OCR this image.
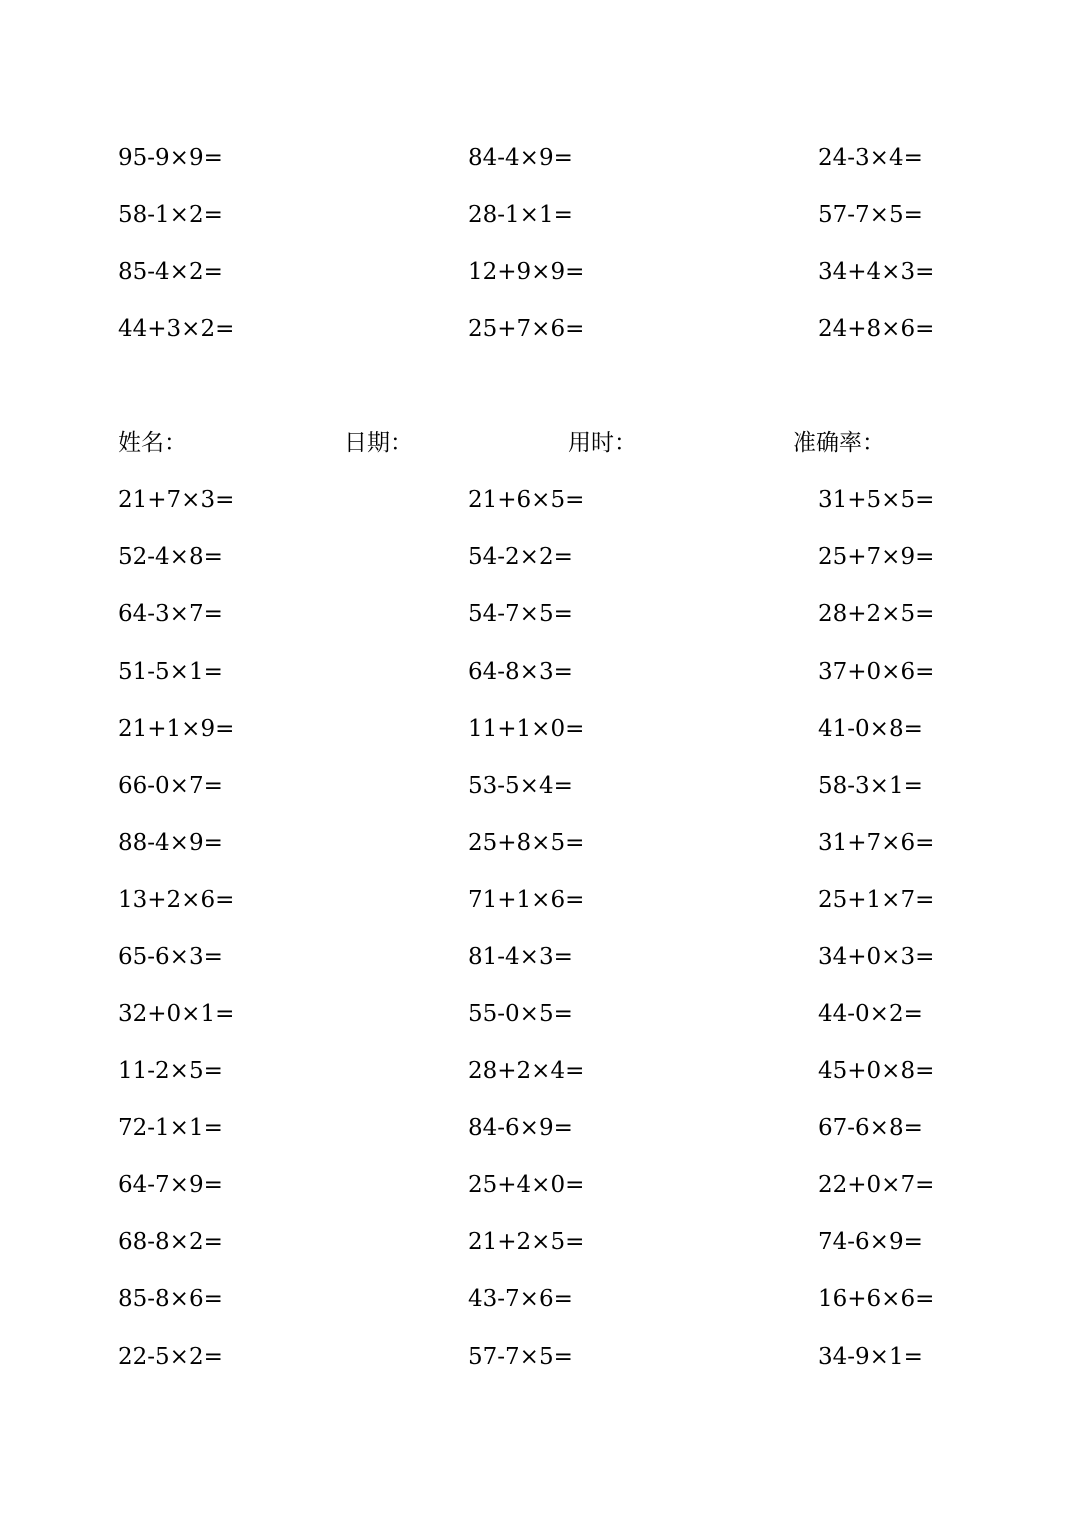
95-9×9=	84-4×9=	24-3×4=
58-1×2=	28-1×1=	57-7×5=
85-4×2=	12+9×9=	34+4×3=
44+3×2=	25+7×6=	24+8×6=
姓名：	日期：	用时：	准确率：
21+7×3=	21+6×5=	31+5×5=
52-4×8=	54-2×2=	25+7×9=
64-3×7=	54-7×5=	28+2×5=
51-5×1=	64-8×3=	37+0×6=
21+1×9=	11+1×0=	41-0×8=
66-0×7=	53-5×4=	58-3×1=
88-4×9=	25+8×5=	31+7×6=
13+2×6=	71+1×6=	25+1×7=
65-6×3=	81-4×3=	34+0×3=
32+0×1=	55-0×5=	44-0×2=
11-2×5=	28+2×4=	45+0×8=
72-1×1=	84-6×9=	67-6×8=
64-7×9=	25+4×0=	22+0×7=
68-8×2=	21+2×5=	74-6×9=
85-8×6=	43-7×6=	16+6×6=
22-5×2=	57-7×5=	34-9×1=
